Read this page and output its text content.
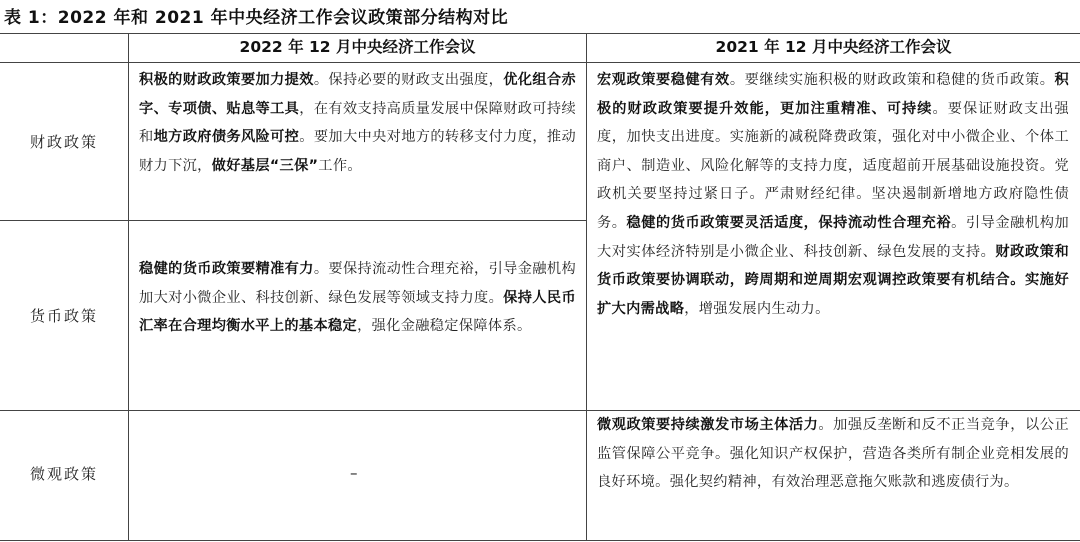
表 1：2022 年和 2021 年中央经济工作会议政策部分结构对比
2022 年 12 月中央经济工作会议	2021 年 12 月中央经济工作会议
财政政策
货币政策
微观政策
积极的财政政策要加力提效。保持必要的财政支出强度，优化组合赤字、专项债、贴息等工具，在有效支持高质量发展中保障财政可持续和地方政府债务风险可控。要加大中央对地方的转移支付力度，推动财力下沉，做好基层“三保”工作。
稳健的货币政策要精准有力。要保持流动性合理充裕，引导金融机构加大对小微企业、科技创新、绿色发展等领域支持力度。保持人民币汇率在合理均衡水平上的基本稳定，强化金融稳定保障体系。
–
宏观政策要稳健有效。要继续实施积极的财政政策和稳健的货币政策。积极的财政政策要提升效能，更加注重精准、可持续。要保证财政支出强度，加快支出进度。实施新的减税降费政策，强化对中小微企业、个体工商户、制造业、风险化解等的支持力度，适度超前开展基础设施投资。党政机关要坚持过紧日子。严肃财经纪律。坚决遏制新增地方政府隐性债务。稳健的货币政策要灵活适度，保持流动性合理充裕。引导金融机构加大对实体经济特别是小微企业、科技创新、绿色发展的支持。财政政策和货币政策要协调联动，跨周期和逆周期宏观调控政策要有机结合。实施好扩大内需战略，增强发展内生动力。
微观政策要持续激发市场主体活力。加强反垄断和反不正当竞争，以公正监管保障公平竞争。强化知识产权保护，营造各类所有制企业竞相发展的良好环境。强化契约精神，有效治理恶意拖欠账款和逃废债行为。
